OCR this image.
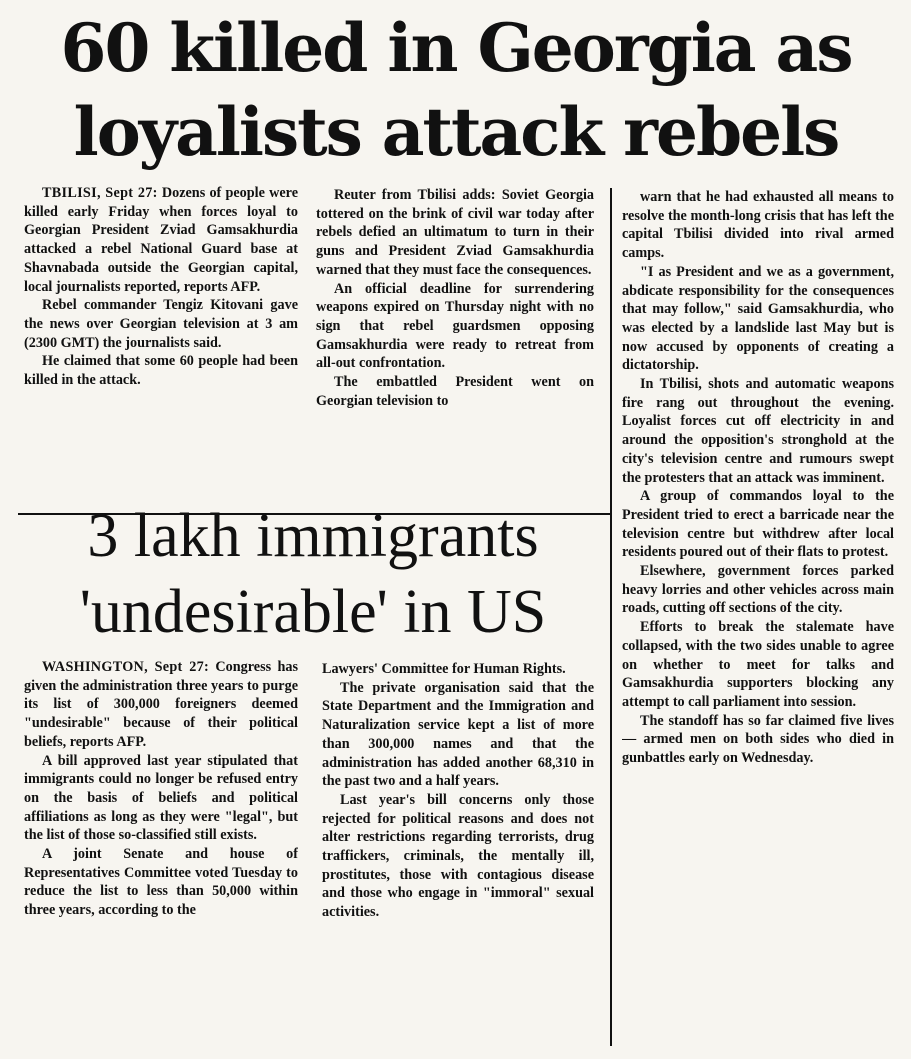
60 killed in Georgia as loyalists attack rebels

TBILISI, Sept 27: Dozens of people were killed early Friday when forces loyal to Georgian President Zviad Gamsakhurdia attacked a rebel National Guard base at Shavnabada outside the Georgian capital, local journalists reported, reports AFP.

Rebel commander Tengiz Kitovani gave the news over Georgian television at 3 am (2300 GMT) the journalists said.

He claimed that some 60 people had been killed in the attack.

Reuter from Tbilisi adds: Soviet Georgia tottered on the brink of civil war today after rebels defied an ultimatum to turn in their guns and President Zviad Gamsakhurdia warned that they must face the consequences.

An official deadline for surrendering weapons expired on Thursday night with no sign that rebel guardsmen opposing Gamsakhurdia were ready to retreat from all-out confrontation.

The embattled President went on Georgian television to

warn that he had exhausted all means to resolve the month-long crisis that has left the capital Tbilisi divided into rival armed camps.

"I as President and we as a government, abdicate responsibility for the consequences that may follow," said Gamsakhurdia, who was elected by a landslide last May but is now accused by opponents of creating a dictatorship.

In Tbilisi, shots and automatic weapons fire rang out throughout the evening. Loyalist forces cut off electricity in and around the opposition's stronghold at the city's television centre and rumours swept the protesters that an attack was imminent.

A group of commandos loyal to the President tried to erect a barricade near the television centre but withdrew after local residents poured out of their flats to protest.

Elsewhere, government forces parked heavy lorries and other vehicles across main roads, cutting off sections of the city.

Efforts to break the stalemate have collapsed, with the two sides unable to agree on whether to meet for talks and Gamsakhurdia supporters blocking any attempt to call parliament into session.

The standoff has so far claimed five lives — armed men on both sides who died in gunbattles early on Wednesday.

3 lakh immigrants 'undesirable' in US

WASHINGTON, Sept 27: Congress has given the administration three years to purge its list of 300,000 foreigners deemed "undesirable" because of their political beliefs, reports AFP.

A bill approved last year stipulated that immigrants could no longer be refused entry on the basis of beliefs and political affiliations as long as they were "legal", but the list of those so-classified still exists.

A joint Senate and house of Representatives Committee voted Tuesday to reduce the list to less than 50,000 within three years, according to the

Lawyers' Committee for Human Rights.

The private organisation said that the State Department and the Immigration and Naturalization service kept a list of more than 300,000 names and that the administration has added another 68,310 in the past two and a half years.

Last year's bill concerns only those rejected for political reasons and does not alter restrictions regarding terrorists, drug traffickers, criminals, the mentally ill, prostitutes, those with contagious disease and those who engage in "immoral" sexual activities.
